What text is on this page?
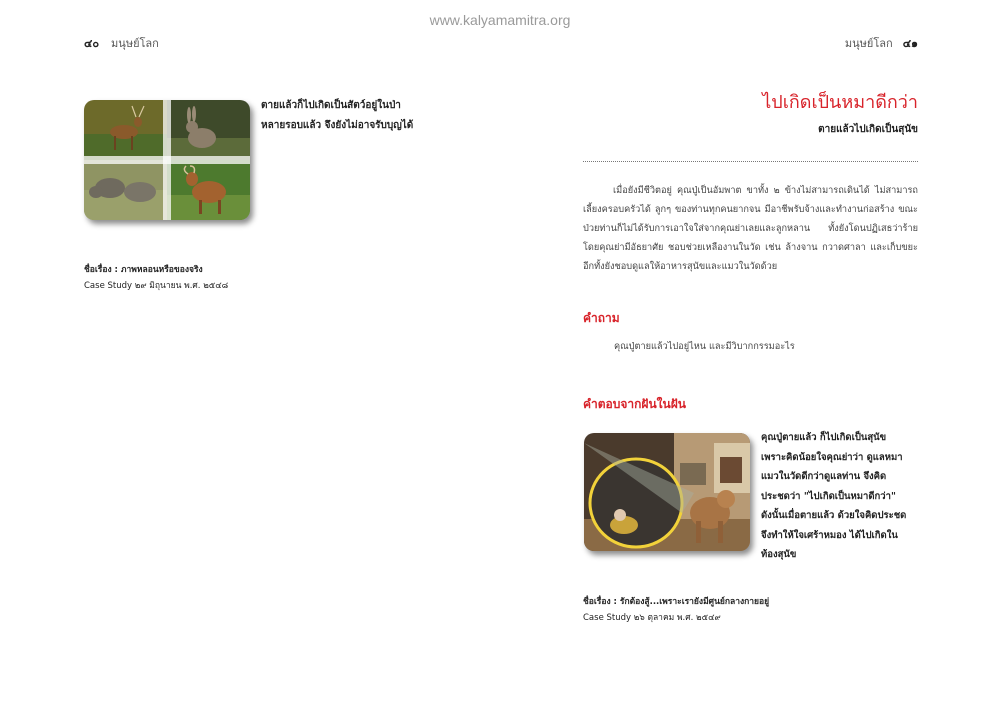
www.kalyamamitra.org
๔๐ มนุษย์โลก
ตายแล้วก็ไปเกิดเป็นสัตว์อยู่ในป่า
หลายรอบแล้ว จึงยังไม่อาจรับบุญได้
ชื่อเรื่อง : ภาพหลอนหรือของจริง
Case Study ๒๙ มิถุนายน พ.ศ. ๒๕๔๘
มนุษย์โลก ๔๑
ไปเกิดเป็นหมาดีกว่า
ตายแล้วไปเกิดเป็นสุนัข
เมื่อยังมีชีวิตอยู่ คุณปู่เป็นอัมพาต ขาทั้ง ๒ ข้างไม่สามารถเดินได้ ไม่สามารถเลี้ยงครอบครัวได้ ลูกๆ ของท่านทุกคนยากจน มีอาชีพรับจ้างและทำงานก่อสร้าง ขณะป่วยท่านก็ไม่ได้รับการเอาใจใส่จากคุณย่าเลยและลูกหลาน ทั้งยังโดนปฏิเสธว่าร้าย โดยคุณย่ามีอัธยาศัย ชอบช่วยเหลืองานในวัด เช่น ล้างจาน กวาดศาลา และเก็บขยะ อีกทั้งยังชอบดูแลให้อาหารสุนัขและแมวในวัดด้วย
คำถาม
คุณปู่ตายแล้วไปอยู่ไหน และมีวิบากกรรมอะไร
คำตอบจากฝันในฝัน
คุณปู่ตายแล้ว ก็ไปเกิดเป็นสุนัข
เพราะคิดน้อยใจคุณย่าว่า ดูแลหมา
แมวในวัดดีกว่าดูแลท่าน จึงคิด
ประชดว่า "ไปเกิดเป็นหมาดีกว่า"
ดังนั้นเมื่อตายแล้ว ด้วยใจคิดประชด
จึงทำให้ใจเศร้าหมอง ได้ไปเกิดใน
ท้องสุนัข
ชื่อเรื่อง : รักต้องสู้...เพราะเรายังมีศูนย์กลางกายอยู่
Case Study ๒๖ ตุลาคม พ.ศ. ๒๕๔๙
